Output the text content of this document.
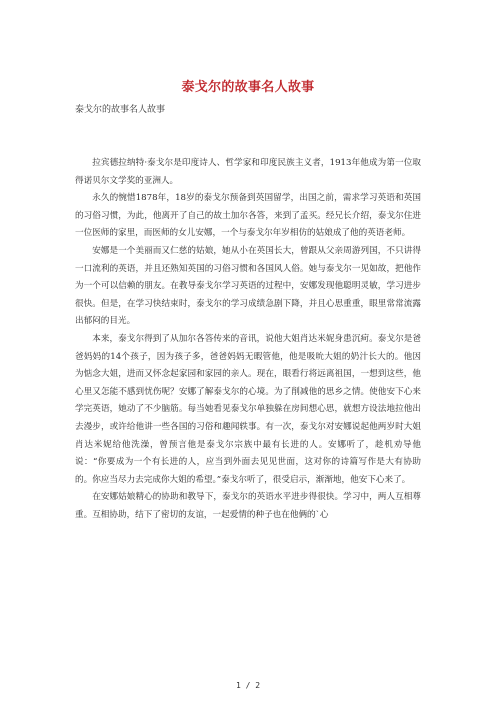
泰戈尔的故事名人故事
泰戈尔的故事名人故事

拉宾德拉纳特·泰戈尔是印度诗人、哲学家和印度民族主义者，1913年他成为第一位取得诺贝尔文学奖的亚洲人。

永久的惋惜1878年，18岁的泰戈尔预备到英国留学，出国之前，需求学习英语和英国的习俗习惯，为此，他离开了自己的故土加尔各答，来到了孟买。经兄长介绍，泰戈尔住进一位医师的家里，而医师的女儿安娜，一个与泰戈尔年岁相仿的姑娘成了他的英语老师。

安娜是一个美丽而又仁慈的姑娘，她从小在英国长大，曾跟从父亲周游列国，不只讲得一口流利的英语，并且还熟知英国的习俗习惯和各国风人俗。她与泰戈尔一见如故，把他作为一个可以信赖的朋友。在教导泰戈尔学习英语的过程中，安娜发现他聪明灵敏，学习进步很快。但是，在学习快结束时，泰戈尔的学习成绩急剧下降，并且心思重重，眼里常常流露出郁闷的目光。

本来，泰戈尔得到了从加尔各答传来的音讯，说他大姐肖达米妮身患沉疴。泰戈尔是爸爸妈妈的14个孩子，因为孩子多，爸爸妈妈无暇管他，他是吸吮大姐的奶汁长大的。他因为惦念大姐，进而又怀念起家园和家园的亲人。现在，眼看行将远离祖国，一想到这些，他心里又怎能不感到忧伤呢？安娜了解泰戈尔的心境。为了削减他的思乡之情。使他安下心来学完英语，她动了不少脑筋。每当她看见泰戈尔单独躲在房间想心思，就想方设法地拉他出去漫步，或许给他讲一些各国的习俗和趣闻轶事。有一次，泰戈尔对安娜说起他两岁时大姐肖达米妮给他洗澡，曾预言他是泰戈尔宗族中最有长进的人。安娜听了，趁机劝导他说：“你要成为一个有长进的人，应当到外面去见见世面，这对你的诗篇写作是大有协助的。你应当尽力去完成你大姐的希望。”泰戈尔听了，很受启示，渐渐地，他安下心来了。

在安娜姑娘精心的协助和教导下，泰戈尔的英语水平进步得很快。学习中，两人互相尊重。互相协助，结下了密切的友谊，一起爱情的种子也在他俩的`心

1 / 2
